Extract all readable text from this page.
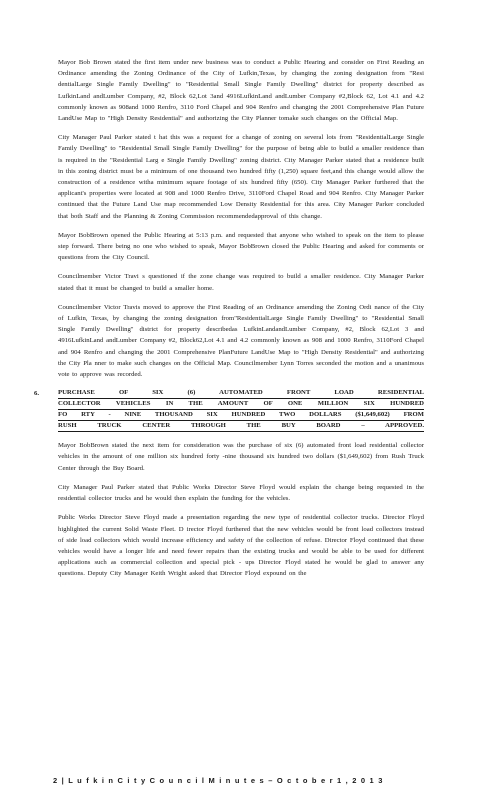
Mayor Bob Brown stated the first item under new business was to conduct a Public Hearing and consider on First Reading an Ordinance amending the Zoning Ordinance of the City of Lufkin,Texas, by changing the zoning designation from "Resi dentialLarge Single Family Dwelling" to "Residential Small Single Family Dwelling" district for property described as LufkinLand andLumber Company, #2, Block 62,Lot 3and 4916LufkinLand andLumber Company #2,Block 62, Lot 4.1 and 4.2 commonly known as 908and 1000 Renfro, 3110 Ford Chapel and 904 Renfro and changing the 2001 Comprehensive Plan Future LandUse Map to "High Density Residential" and authorizing the City Planner tomake such changes on the Official Map.

City Manager Paul Parker stated t hat this was a request for a change of zoning on several lots from "ResidentialLarge Single Family Dwelling" to "Residential Small Single Family Dwelling" for the purpose of being able to build a smaller residence than is required in the "Residential Larg e Single Family Dwelling" zoning district. City Manager Parker stated that a residence built in this zoning district must be a minimum of one thousand two hundred fifty (1,250) square feet,and this change would allow the construction of a residence witha minimum square footage of six hundred fifty (650). City Manager Parker furthered that the applicant's properties were located at 908 and 1000 Renfro Drive, 3110Ford Chapel Road and 904 Renfro. City Manager Parker continued that the Future Land Use map recommended Low Density Residential for this area. City Manager Parker concluded that both Staff and the Planning & Zoning Commission recommendedapproval of this change.

Mayor BobBrown opened the Public Hearing at 5:13 p.m. and requested that anyone who wished to speak on the item to please step forward. There being no one who wished to speak, Mayor BobBrown closed the Public Hearing and asked for comments or questions from the City Council.

Councilmember Victor Travi s questioned if the zone change was required to build a smaller residence. City Manager Parker stated that it must be changed to build a smaller home.

Councilmember Victor Travis moved to approve the First Reading of an Ordinance amending the Zoning Ordi nance of the City of Lufkin, Texas, by changing the zoning designation from"ResidentialLarge Single Family Dwelling" to "Residential Small Single Family Dwelling" district for property describedas LufkinLandandLumber Company, #2, Block 62,Lot 3 and 4916LufkinLand andLumber Company #2, Block62,Lot 4.1 and 4.2 commonly known as 908 and 1000 Renfro, 3110Ford Chapel and 904 Renfro and changing the 2001 Comprehensive PlanFuture LandUse Map to "High Density Residential" and authorizing the City Pla nner to make such changes on the Official Map. Councilmember Lynn Torres seconded the motion and a unanimous vote to approve was recorded.

6.	PURCHASE OF SIX (6) AUTOMATED FRONT LOAD RESIDENTIAL
COLLECTOR VEHICLES IN THE AMOUNT OF ONE MILLION SIX HUNDRED
FO RTY - NINE THOUSAND SIX HUNDRED TWO DOLLARS ($1,649,602) FROM
RUSH TRUCK CENTER THROUGH THE BUY BOARD – APPROVED.

Mayor BobBrown stated the next item for consideration was the purchase of six (6) automated front load residential collector vehicles in the amount of one million six hundred forty -nine thousand six hundred two dollars ($1,649,602) from Rush Truck Center through the Buy Board.

City Manager Paul Parker stated that Public Works Director Steve Floyd would explain the change being requested in the residential collector trucks and he would then explain the funding for the vehicles.

Public Works Director Steve Floyd made a presentation regarding the new type of residential collector trucks. Director Floyd highlighted the current Solid Waste Fleet. D irector Floyd furthered that the new vehicles would be front load collectors instead of side load collectors which would increase efficiency and safety of the collection of refuse. Director Floyd continued that these vehicles would have a longer life and need fewer repairs than the existing trucks and would be able to be used for different applications such as commercial collection and special pick - ups Director Floyd stated he would be glad to answer any questions. Deputy City Manager Keith Wright asked that Director Floyd expound on the

2 | L u f k i n C i t y C o u n c i l M i n u t e s – O c t o b e r 1 , 2 0 1 3
